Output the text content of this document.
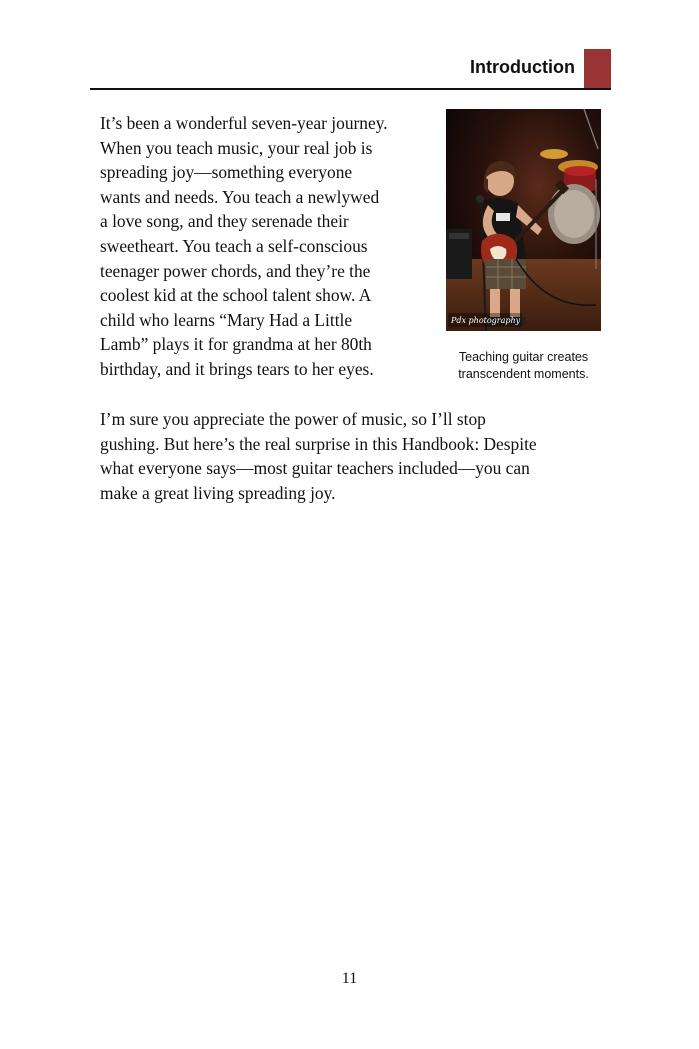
Introduction
It’s been a wonderful seven-year journey.
When you teach music, your real job is
spreading joy—something everyone
wants and needs. You teach a newlywed
a love song, and they serenade their
sweetheart. You teach a self-conscious
teenager power chords, and they’re the
coolest kid at the school talent show. A
child who learns “Mary Had a Little
Lamb” plays it for grandma at her 80th
birthday, and it brings tears to her eyes.
Pdx photography
Teaching guitar creates
transcendent moments.
I’m sure you appreciate the power of music, so I’ll stop
gushing. But here’s the real surprise in this Handbook: Despite
what everyone says—most guitar teachers included—you can
make a great living spreading joy.
11
